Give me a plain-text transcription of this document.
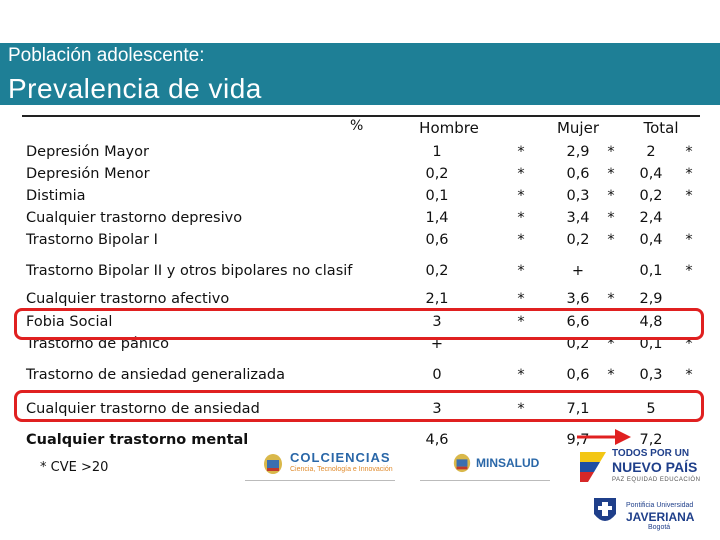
Población adolescente:
Prevalencia de vida
%	Hombre	Mujer	Total
Depresión Mayor	1	*	2,9	*	2	*
Depresión Menor	0,2	*	0,6	*	0,4	*
Distimia	0,1	*	0,3	*	0,2	*
Cualquier trastorno depresivo	1,4	*	3,4	*	2,4
Trastorno Bipolar I	0,6	*	0,2	*	0,4	*
Trastorno Bipolar II y otros bipolares no clasif	0,2	*	+	0,1	*
Cualquier trastorno afectivo	2,1	*	3,6	*	2,9
Fobia Social	3	*	6,6	4,8
Trastorno de pánico	+	0,2	*	0,1	*
Trastorno de ansiedad generalizada	0	*	0,6	*	0,3	*
Cualquier trastorno de ansiedad	3	*	7,1	5
Cualquier trastorno mental	4,6	9,7	7,2
* CVE >20
COLCIENCIAS
Ciencia, Tecnología e Innovación	MINSALUD
TODOS POR UN
NUEVO PAÍS
PAZ EQUIDAD EDUCACIÓN
Pontificia Universidad
JAVERIANA
Bogotá
